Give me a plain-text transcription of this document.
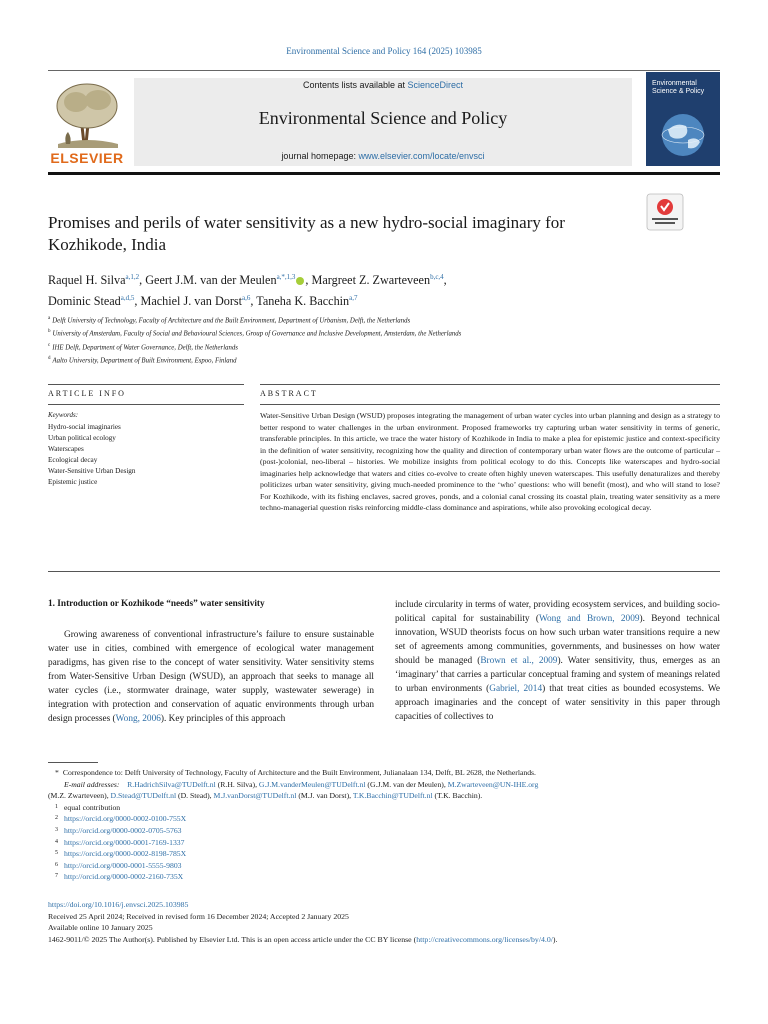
Environmental Science and Policy 164 (2025) 103985
ELSEVIER
Contents lists available at ScienceDirect
Environmental Science and Policy
journal homepage: www.elsevier.com/locate/envsci
Environmental Science & Policy
Promises and perils of water sensitivity as a new hydro-social imaginary for Kozhikode, India
Raquel H. Silva$^{a,1,2}$, Geert J.M. van der Meulen$^{a,*,1,3}$ , Margreet Z. Zwarteveen$^{b,c,4}$,
Dominic Stead$^{a,d,5}$, Machiel J. van Dorst$^{a,6}$, Taneha K. Bacchin$^{a,7}$
$^a$ Delft University of Technology, Faculty of Architecture and the Built Environment, Department of Urbanism, Delft, the Netherlands
$^b$ University of Amsterdam, Faculty of Social and Behavioural Sciences, Group of Governance and Inclusive Development, Amsterdam, the Netherlands
$^c$ IHE Delft, Department of Water Governance, Delft, the Netherlands
$^d$ Aalto University, Department of Built Environment, Espoo, Finland
ARTICLE INFO	ABSTRACT
Keywords:
Hydro-social imaginaries
Urban political ecology
Waterscapes
Ecological decay
Water-Sensitive Urban Design
Epistemic justice
Water-Sensitive Urban Design (WSUD) proposes integrating the management of urban water cycles into urban planning and design as a strategy to better respond to water challenges in the urban environment. Proposed frameworks try capturing urban water sensitivity in terms of generic, transferable principles. In this article, we trace the water history of Kozhikode in India to make a plea for epistemic justice and context-specificity in the definition of water sensitivity, recognizing how the quality and direction of contemporary urban water flows are the outcome of particular – (post-)colonial, neo-liberal – histories. We mobilize insights from political ecology to do this. Concepts like waterscapes and hydro-social imaginaries help acknowledge that waters and cities co-evolve to create often highly uneven waterscapes. This usefully denaturalizes and thereby politicizes urban water sensitivity, giving much-needed prominence to the ‘who’ questions: who will benefit (most), and who will stand to lose? For Kozhikode, with its fishing enclaves, sacred groves, ponds, and a colonial canal crossing its coastal plain, treating water sensitivity as a mere techno-managerial question risks reinforcing middle-class dominance and aspirations, while also provoking ecological decay.
1. Introduction or Kozhikode “needs” water sensitivity
Growing awareness of conventional infrastructure’s failure to ensure sustainable water use in cities, combined with emergence of ecological water management paradigms, has given rise to the concept of water sensitivity. Water sensitivity stems from Water-Sensitive Urban Design (WSUD), an approach that seeks to manage all water cycles (i.e., stormwater drainage, water supply, wastewater sewerage) in integration with protection and conservation of aquatic environments through urban design processes (Wong, 2006). Key principles of this approach
include circularity in terms of water, providing ecosystem services, and building socio-political capital for sustainability (Wong and Brown, 2009). Beyond technical innovation, WSUD theorists focus on how such urban water transitions require a new set of agreements among communities, governments, and businesses on how water should be managed (Brown et al., 2009). Water sensitivity, thus, emerges as an ‘imaginary’ that carries a particular conceptual framing and system of meanings related to urban environments (Gabriel, 2014) that treat cities as bounded ecosystems. We approach imaginaries and the concept of water sensitivity in this paper through capacities of collectives to
* Correspondence to: Delft University of Technology, Faculty of Architecture and the Built Environment, Julianalaan 134, Delft, BL 2628, the Netherlands.
E-mail addresses: R.HadrichSilva@TUDelft.nl (R.H. Silva), G.J.M.vanderMeulen@TUDelft.nl (G.J.M. van der Meulen), M.Zwarteveen@UN-IHE.org
(M.Z. Zwarteveen), D.Stead@TUDelft.nl (D. Stead), M.J.vanDorst@TUDelft.nl (M.J. van Dorst), T.K.Bacchin@TUDelft.nl (T.K. Bacchin).
1 equal contribution
2 https://orcid.org/0000-0002-0100-755X
3 http://orcid.org/0000-0002-0705-5763
4 https://orcid.org/0000-0001-7169-1337
5 https://orcid.org/0000-0002-8198-785X
6 http://orcid.org/0000-0001-5555-9803
7 http://orcid.org/0000-0002-2160-735X
https://doi.org/10.1016/j.envsci.2025.103985
Received 25 April 2024; Received in revised form 16 December 2024; Accepted 2 January 2025
Available online 10 January 2025
1462-9011/© 2025 The Author(s). Published by Elsevier Ltd. This is an open access article under the CC BY license (http://creativecommons.org/licenses/by/4.0/).
